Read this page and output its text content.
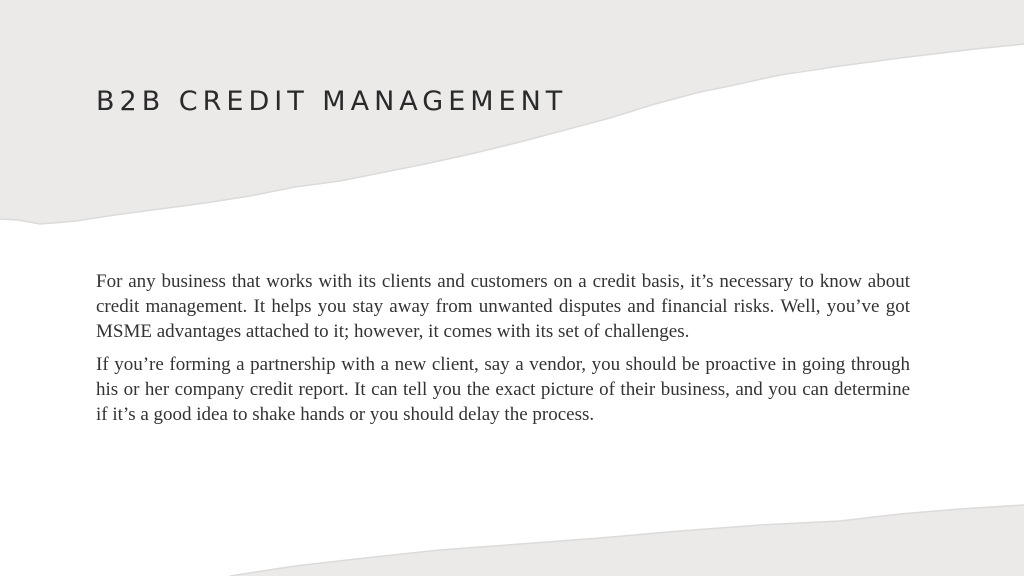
B2B CREDIT MANAGEMENT

For any business that works with its clients and customers on a credit basis, it’s necessary to know about credit management. It helps you stay away from unwanted disputes and financial risks. Well, you’ve got MSME advantages attached to it; however, it comes with its set of challenges.

If you’re forming a partnership with a new client, say a vendor, you should be proactive in going through his or her company credit report. It can tell you the exact picture of their business, and you can determine if it’s a good idea to shake hands or you should delay the process.
